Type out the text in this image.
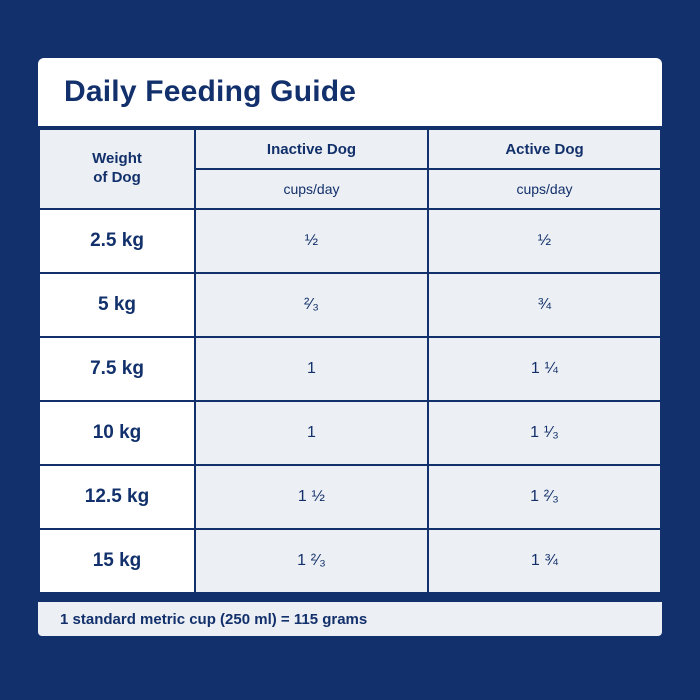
Daily Feeding Guide
Weight
of Dog	Inactive Dog	Active Dog
	cups/day	cups/day
2.5 kg	½	½
5 kg	²⁄₃	¾
7.5 kg	1	1 ¼
10 kg	1	1 ¹⁄₃
12.5 kg	1 ½	1 ²⁄₃
15 kg	1 ²⁄₃	1 ¾
1 standard metric cup (250 ml) = 115 grams
